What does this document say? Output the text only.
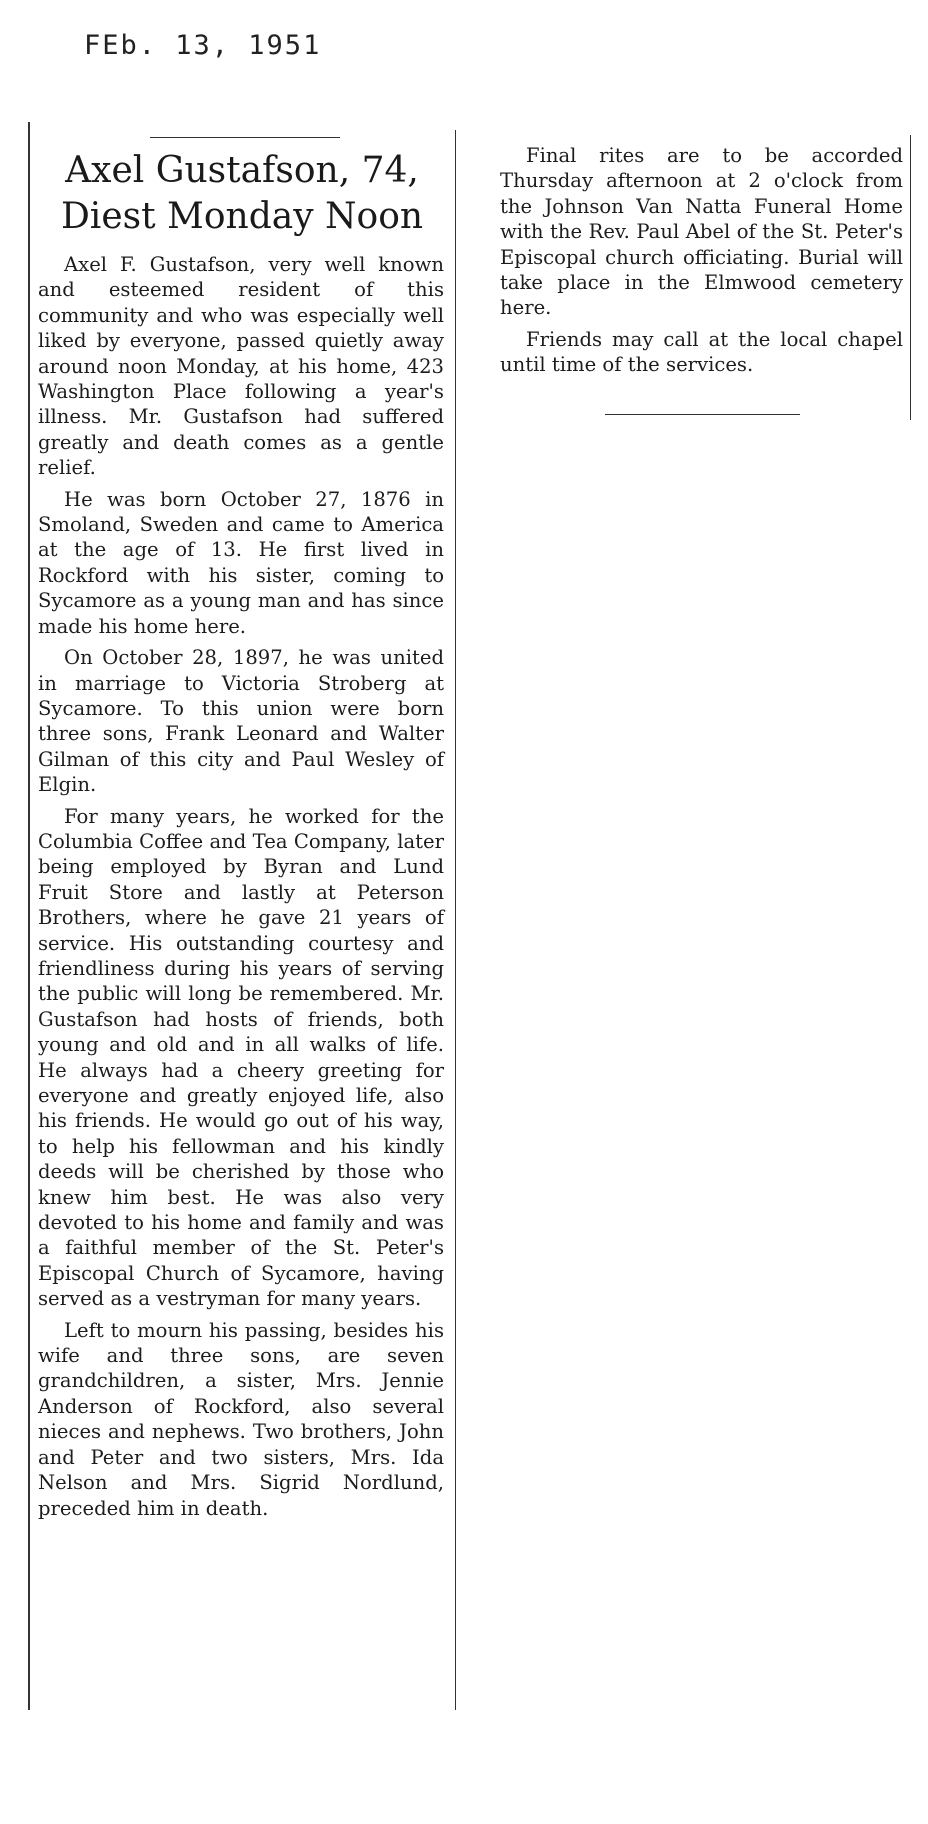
FEb. 13, 1951
Axel Gustafson, 74,
Diest Monday Noon

Axel F. Gustafson, very well known and esteemed resident of this community and who was especially well liked by everyone, passed quietly away around noon Monday, at his home, 423 Washington Place following a year's illness. Mr. Gustafson had suffered greatly and death comes as a gentle relief.

He was born October 27, 1876 in Smoland, Sweden and came to America at the age of 13. He first lived in Rockford with his sister, coming to Sycamore as a young man and has since made his home here.

On October 28, 1897, he was united in marriage to Victoria Stroberg at Sycamore. To this union were born three sons, Frank Leonard and Walter Gilman of this city and Paul Wesley of Elgin.

For many years, he worked for the Columbia Coffee and Tea Company, later being employed by Byran and Lund Fruit Store and lastly at Peterson Brothers, where he gave 21 years of service. His outstanding courtesy and friendliness during his years of serving the public will long be remembered. Mr. Gustafson had hosts of friends, both young and old and in all walks of life. He always had a cheery greeting for everyone and greatly enjoyed life, also his friends. He would go out of his way, to help his fellowman and his kindly deeds will be cherished by those who knew him best. He was also very devoted to his home and family and was a faithful member of the St. Peter's Episcopal Church of Sycamore, having served as a vestryman for many years.

Left to mourn his passing, besides his wife and three sons, are seven grandchildren, a sister, Mrs. Jennie Anderson of Rockford, also several nieces and nephews. Two brothers, John and Peter and two sisters, Mrs. Ida Nelson and Mrs. Sigrid Nordlund, preceded him in death.

Final rites are to be accorded Thursday afternoon at 2 o'clock from the Johnson Van Natta Funeral Home with the Rev. Paul Abel of the St. Peter's Episcopal church officiating. Burial will take place in the Elmwood cemetery here.

Friends may call at the local chapel until time of the services.
